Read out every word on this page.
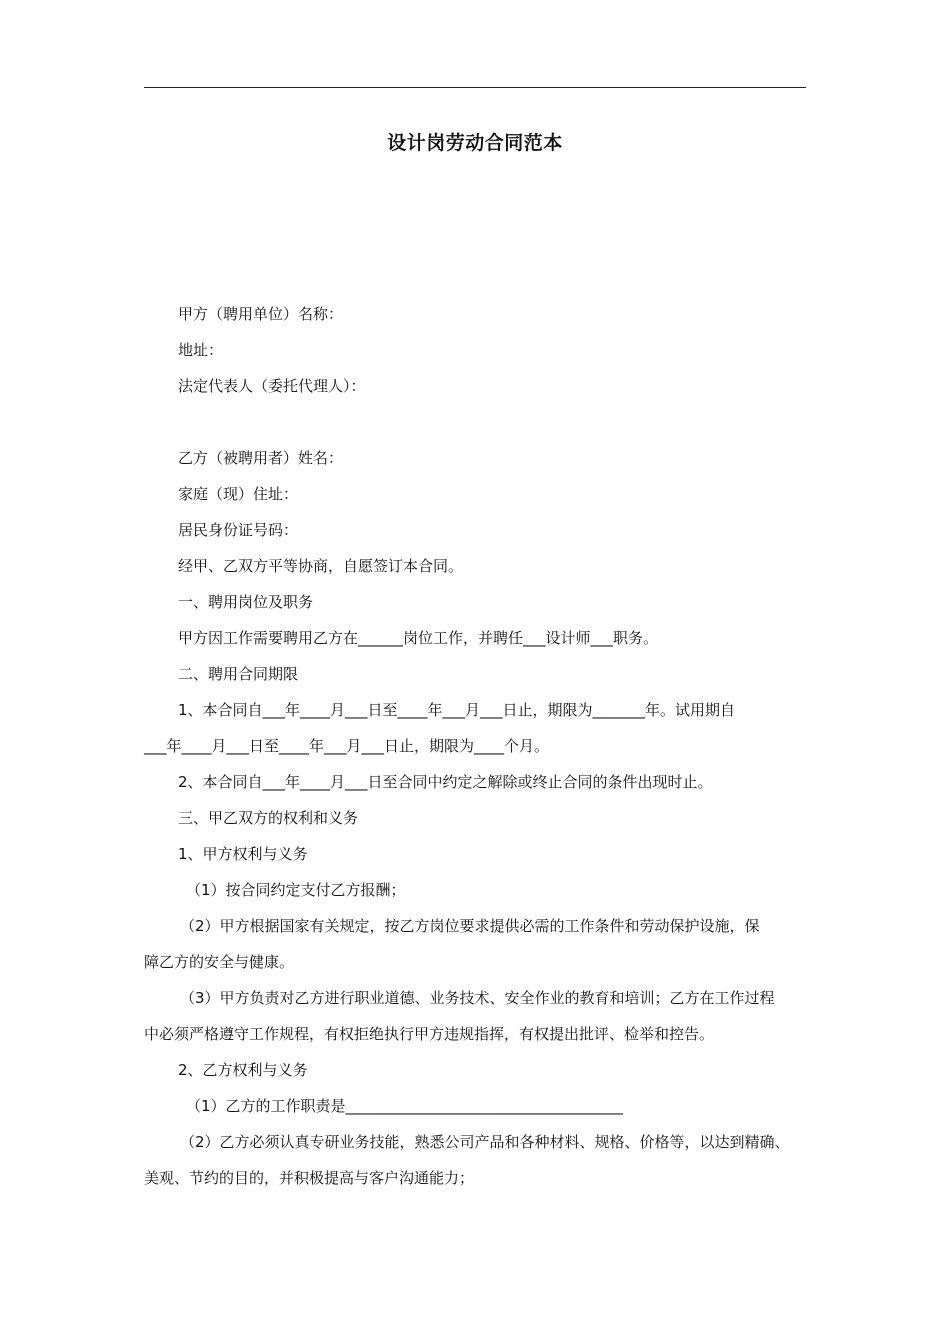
设计岗劳动合同范本
甲方（聘用单位）名称：
地址：
法定代表人（委托代理人）：
乙方（被聘用者）姓名：
家庭（现）住址：
居民身份证号码：
经甲、乙双方平等协商，自愿签订本合同。
一、聘用岗位及职务
甲方因工作需要聘用乙方在______岗位工作，并聘任___设计师___职务。
二、聘用合同期限
1、本合同自___年____月___日至____年___月___日止，期限为_______年。试用期自
___年____月___日至____年___月___日止，期限为____个月。
2、本合同自___年____月___日至合同中约定之解除或终止合同的条件出现时止。
三、甲乙双方的权利和义务
1、甲方权利与义务
（1）按合同约定支付乙方报酬；
（2）甲方根据国家有关规定，按乙方岗位要求提供必需的工作条件和劳动保护设施，保
障乙方的安全与健康。
（3）甲方负责对乙方进行职业道德、业务技术、安全作业的教育和培训；乙方在工作过程
中必须严格遵守工作规程，有权拒绝执行甲方违规指挥，有权提出批评、检举和控告。
2、乙方权利与义务
（1）乙方的工作职责是_____________________________________
（2）乙方必须认真专研业务技能，熟悉公司产品和各种材料、规格、价格等，以达到精确、
美观、节约的目的，并积极提高与客户沟通能力；
